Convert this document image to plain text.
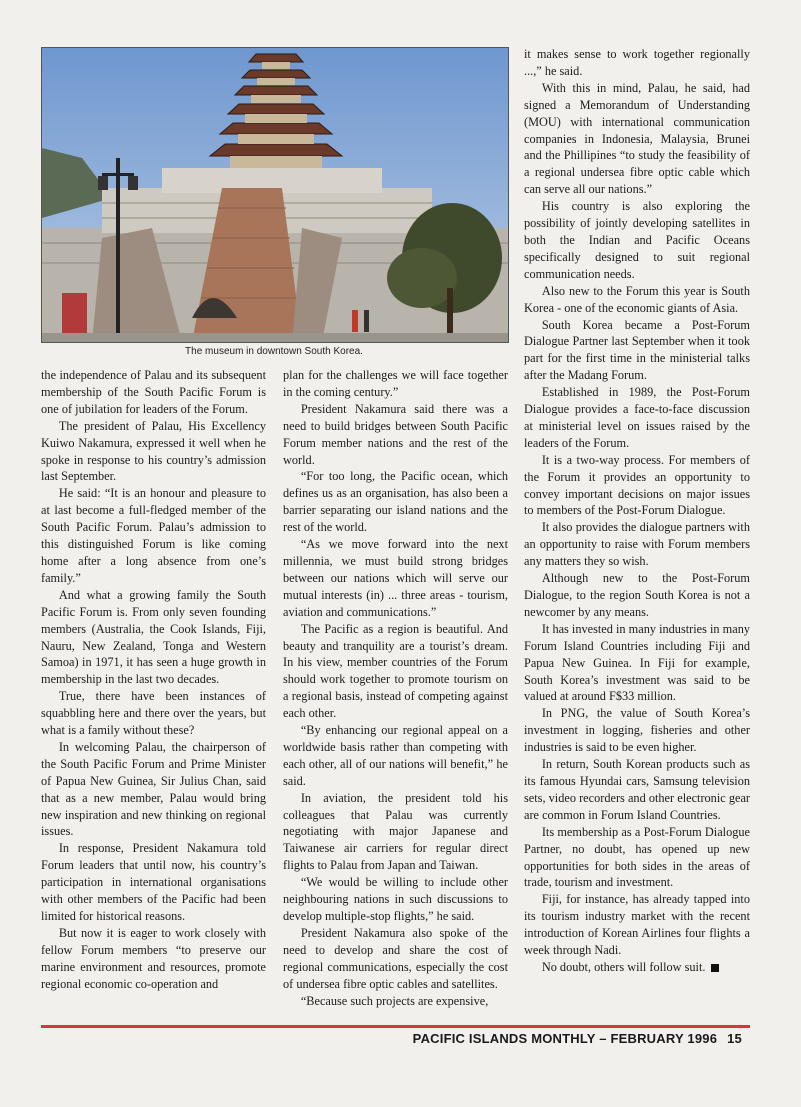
The museum in downtown South Korea.

the independence of Palau and its subsequent membership of the South Pacific Forum is one of jubilation for leaders of the Forum.

The president of Palau, His Excellency Kuiwo Nakamura, expressed it well when he spoke in response to his country’s admission last September.

He said: “It is an honour and pleasure to at last become a full-fledged member of the South Pacific Forum. Palau’s admission to this distinguished Forum is like coming home after a long absence from one’s family.”

And what a growing family the South Pacific Forum is. From only seven founding members (Australia, the Cook Islands, Fiji, Nauru, New Zealand, Tonga and Western Samoa) in 1971, it has seen a huge growth in membership in the last two decades.

True, there have been instances of squabbling here and there over the years, but what is a family without these?

In welcoming Palau, the chairperson of the South Pacific Forum and Prime Minister of Papua New Guinea, Sir Julius Chan, said that as a new member, Palau would bring new inspiration and new thinking on regional issues.

In response, President Nakamura told Forum leaders that until now, his country’s participation in international organisations with other members of the Pacific had been limited for historical reasons.

But now it is eager to work closely with fellow Forum members “to preserve our marine environment and resources, promote regional economic co-operation and

plan for the challenges we will face together in the coming century.”

President Nakamura said there was a need to build bridges between South Pacific Forum member nations and the rest of the world.

“For too long, the Pacific ocean, which defines us as an organisation, has also been a barrier separating our island nations and the rest of the world.

“As we move forward into the next millennia, we must build strong bridges between our nations which will serve our mutual interests (in) ... three areas - tourism, aviation and communications.”

The Pacific as a region is beautiful. And beauty and tranquility are a tourist’s dream. In his view, member countries of the Forum should work together to promote tourism on a regional basis, instead of competing against each other.

“By enhancing our regional appeal on a worldwide basis rather than competing with each other, all of our nations will benefit,” he said.

In aviation, the president told his colleagues that Palau was currently negotiating with major Japanese and Taiwanese air carriers for regular direct flights to Palau from Japan and Taiwan.

“We would be willing to include other neighbouring nations in such discussions to develop multiple-stop flights,” he said.

President Nakamura also spoke of the need to develop and share the cost of regional communications, especially the cost of undersea fibre optic cables and satellites.

“Because such projects are expensive,

it makes sense to work together regionally ...,” he said.

With this in mind, Palau, he said, had signed a Memorandum of Understanding (MOU) with international communication companies in Indonesia, Malaysia, Brunei and the Phillipines “to study the feasibility of a regional undersea fibre optic cable which can serve all our nations.”

His country is also exploring the possibility of jointly developing satellites in both the Indian and Pacific Oceans specifically designed to suit regional communication needs.

Also new to the Forum this year is South Korea - one of the economic giants of Asia.

South Korea became a Post-Forum Dialogue Partner last September when it took part for the first time in the ministerial talks after the Madang Forum.

Established in 1989, the Post-Forum Dialogue provides a face-to-face discussion at ministerial level on issues raised by the leaders of the Forum.

It is a two-way process. For members of the Forum it provides an opportunity to convey important decisions on major issues to members of the Post-Forum Dialogue.

It also provides the dialogue partners with an opportunity to raise with Forum members any matters they so wish.

Although new to the Post-Forum Dialogue, to the region South Korea is not a newcomer by any means.

It has invested in many industries in many Forum Island Countries including Fiji and Papua New Guinea. In Fiji for example, South Korea’s investment was said to be valued at around F$33 million.

In PNG, the value of South Korea’s investment in logging, fisheries and other industries is said to be even higher.

In return, South Korean products such as its famous Hyundai cars, Samsung television sets, video recorders and other electronic gear are common in Forum Island Countries.

Its membership as a Post-Forum Dialogue Partner, no doubt, has opened up new opportunities for both sides in the areas of trade, tourism and investment.

Fiji, for instance, has already tapped into its tourism industry market with the recent introduction of Korean Airlines four flights a week through Nadi.

No doubt, others will follow suit.

PACIFIC ISLANDS MONTHLY – FEBRUARY 1996 15
